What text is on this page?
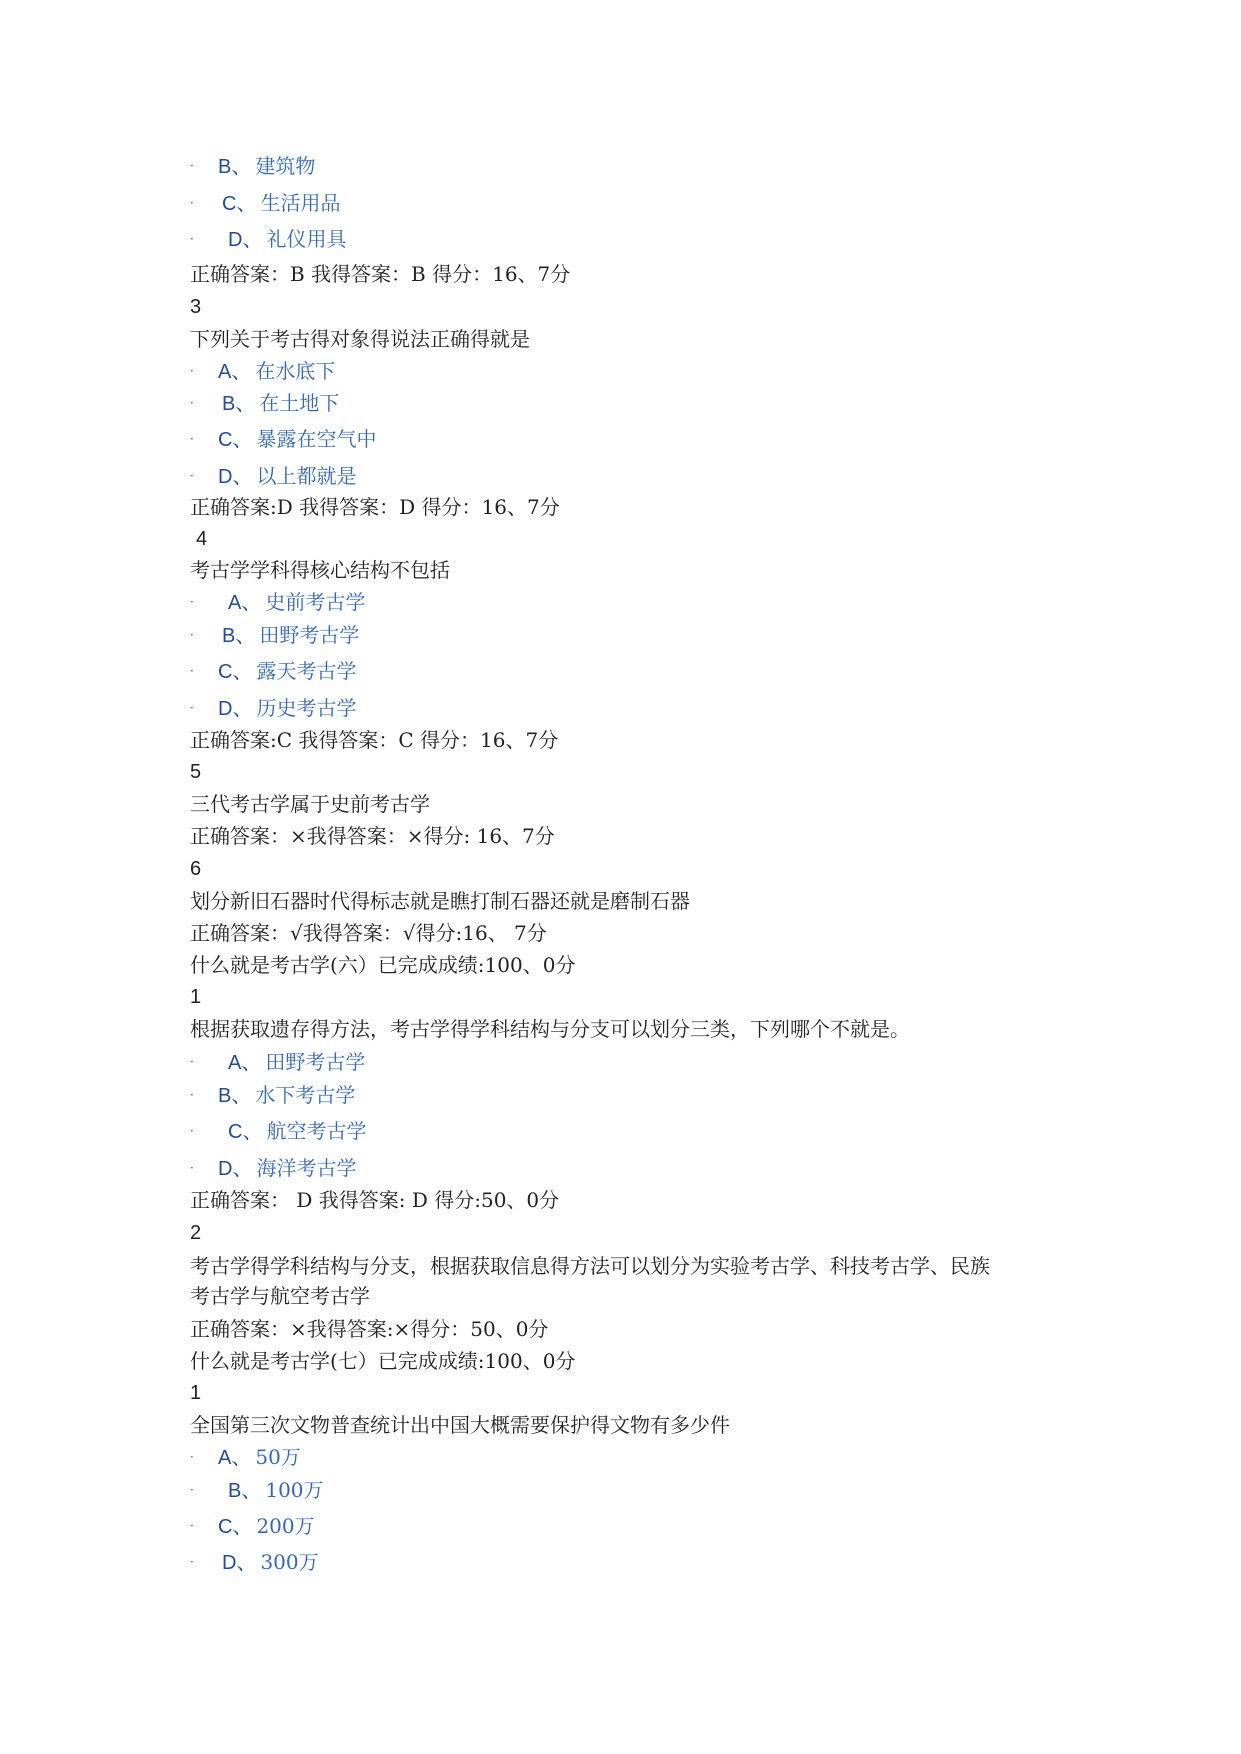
· B、 建筑物
· C、 生活用品
· D、 礼仪用具
正确答案：B 我得答案：B 得分：16、7分
3
下列关于考古得对象得说法正确得就是
· A、 在水底下
· B、 在土地下
· C、 暴露在空气中
· D、 以上都就是
正确答案:D 我得答案：D 得分：16、7分
4
考古学学科得核心结构不包括
· A、 史前考古学
· B、 田野考古学
· C、 露天考古学
· D、 历史考古学
正确答案:C 我得答案：C 得分：16、7分
5
三代考古学属于史前考古学
正确答案：×我得答案：×得分: 16、7分
6
划分新旧石器时代得标志就是瞧打制石器还就是磨制石器
正确答案：√我得答案：√得分:16、 7分
什么就是考古学(六）已完成成绩:100、0分
1
根据获取遗存得方法，考古学得学科结构与分支可以划分三类，下列哪个不就是。
· A、 田野考古学
· B、 水下考古学
· C、 航空考古学
· D、 海洋考古学
正确答案： D 我得答案: D 得分:50、0分
2
考古学得学科结构与分支，根据获取信息得方法可以划分为实验考古学、科技考古学、民族
考古学与航空考古学
正确答案：×我得答案:×得分：50、0分
什么就是考古学(七）已完成成绩:100、0分
1
全国第三次文物普查统计出中国大概需要保护得文物有多少件
· A、 50万
· B、 100万
· C、 200万
· D、 300万
